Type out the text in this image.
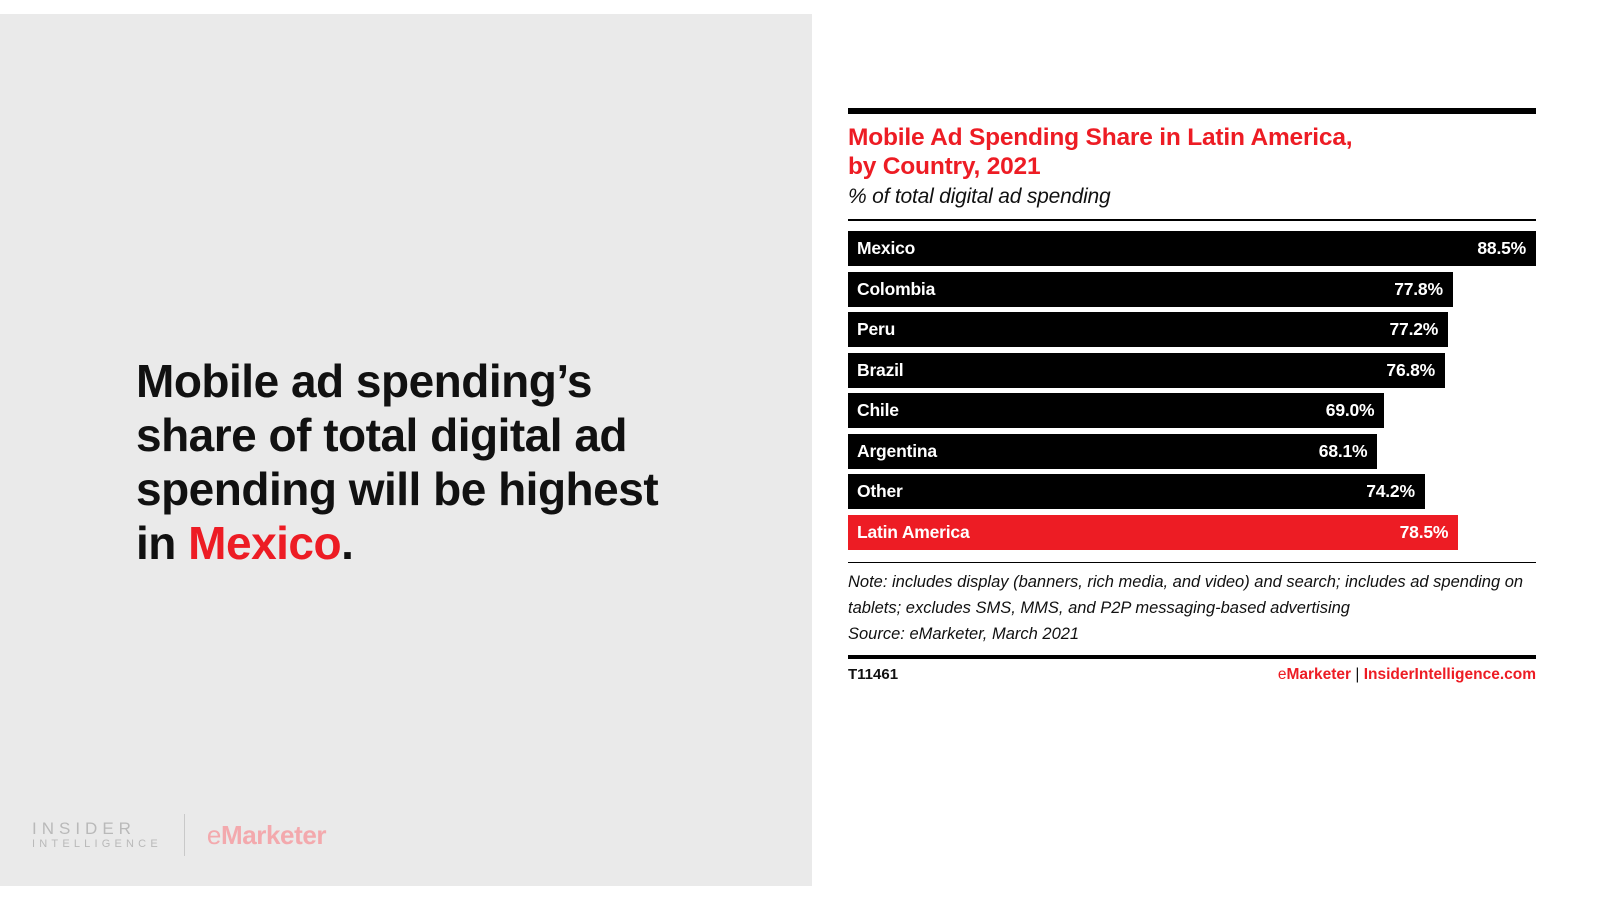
Mobile ad spending’s share of total digital ad spending will be highest in Mexico.
INSIDER
INTELLIGENCE eMarketer
Mobile Ad Spending Share in Latin America,
by Country, 2021
% of total digital ad spending
Mexico	88.5%
Colombia	77.8%
Peru	77.2%
Brazil	76.8%
Chile	69.0%
Argentina	68.1%
Other	74.2%
Latin America	78.5%
Note: includes display (banners, rich media, and video) and search; includes ad spending on tablets; excludes SMS, MMS, and P2P messaging-based advertising
Source: eMarketer, March 2021
T11461	eMarketer | InsiderIntelligence.com
